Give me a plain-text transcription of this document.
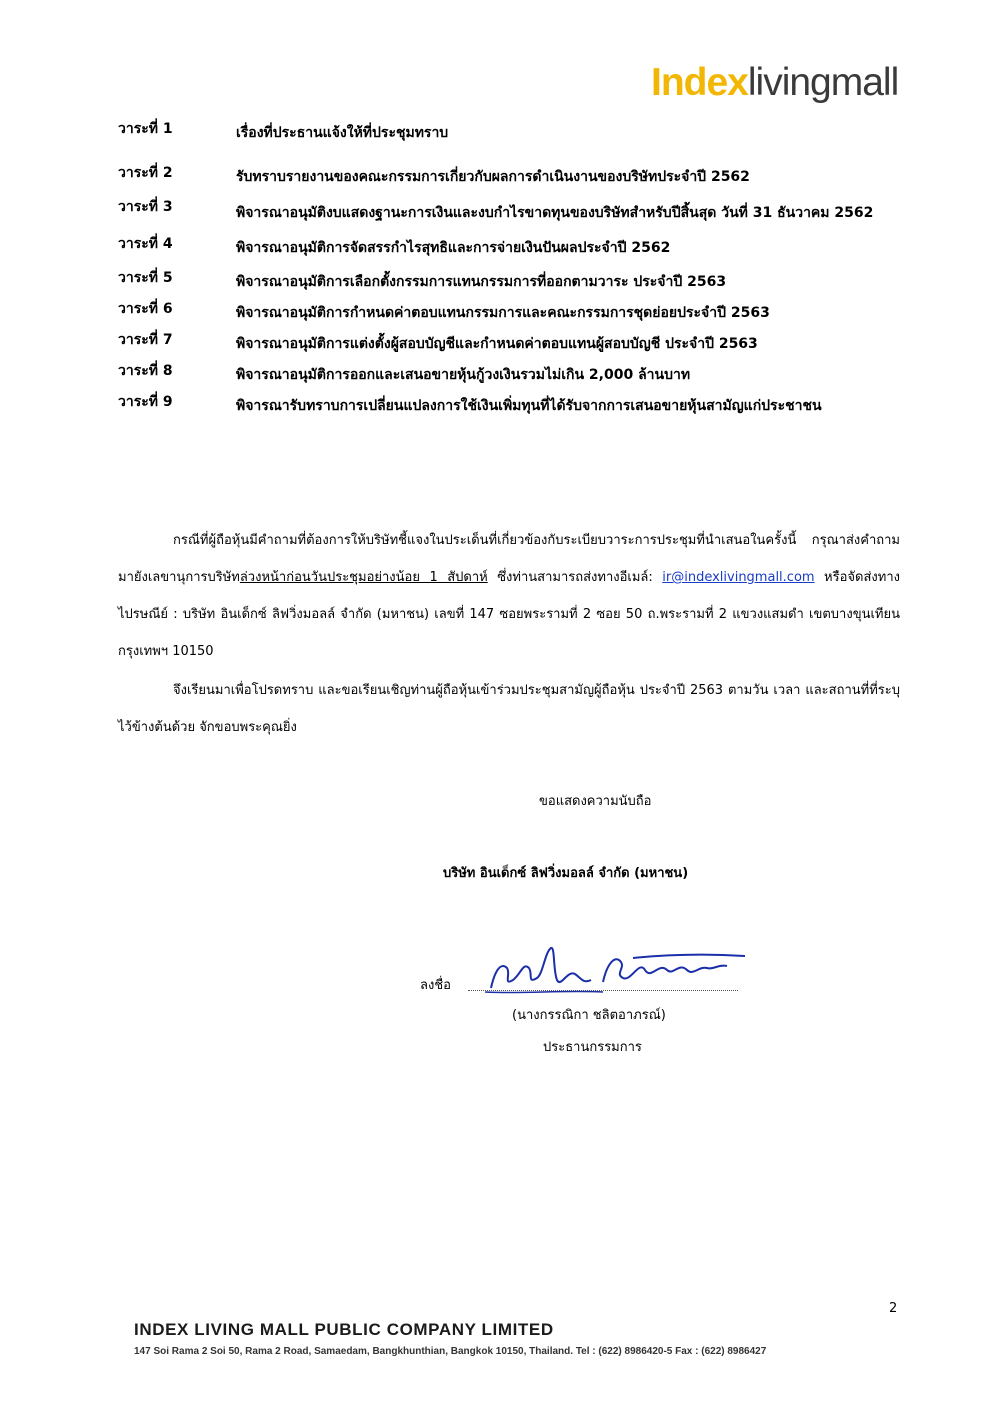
Indexlivingmall
วาระที่ 1	เรื่องที่ประธานแจ้งให้ที่ประชุมทราบ
วาระที่ 2	รับทราบรายงานของคณะกรรมการเกี่ยวกับผลการดำเนินงานของบริษัทประจำปี 2562
วาระที่ 3	พิจารณาอนุมัติงบแสดงฐานะการเงินและงบกำไรขาดทุนของบริษัทสำหรับปีสิ้นสุด วันที่ 31 ธันวาคม 2562
วาระที่ 4	พิจารณาอนุมัติการจัดสรรกำไรสุทธิและการจ่ายเงินปันผลประจำปี 2562
วาระที่ 5	พิจารณาอนุมัติการเลือกตั้งกรรมการแทนกรรมการที่ออกตามวาระ ประจำปี 2563
วาระที่ 6	พิจารณาอนุมัติการกำหนดค่าตอบแทนกรรมการและคณะกรรมการชุดย่อยประจำปี 2563
วาระที่ 7	พิจารณาอนุมัติการแต่งตั้งผู้สอบบัญชีและกำหนดค่าตอบแทนผู้สอบบัญชี ประจำปี 2563
วาระที่ 8	พิจารณาอนุมัติการออกและเสนอขายหุ้นกู้วงเงินรวมไม่เกิน 2,000 ล้านบาท
วาระที่ 9	พิจารณารับทราบการเปลี่ยนแปลงการใช้เงินเพิ่มทุนที่ได้รับจากการเสนอขายหุ้นสามัญแก่ประชาชน
กรณีที่ผู้ถือหุ้นมีคำถามที่ต้องการให้บริษัทชี้แจงในประเด็นที่เกี่ยวข้องกับระเบียบวาระการประชุมที่นำเสนอในครั้งนี้ กรุณาส่งคำถามมายังเลขานุการบริษัทล่วงหน้าก่อนวันประชุมอย่างน้อย 1 สัปดาห์ ซึ่งท่านสามารถส่งทางอีเมล์: ir@indexlivingmall.com หรือจัดส่งทางไปรษณีย์ : บริษัท อินเด็กซ์ ลิฟวิ่งมอลล์ จำกัด (มหาชน) เลขที่ 147 ซอยพระรามที่ 2 ซอย 50 ถ.พระรามที่ 2 แขวงแสมดำ เขตบางขุนเทียน กรุงเทพฯ 10150
จึงเรียนมาเพื่อโปรดทราบ และขอเรียนเชิญท่านผู้ถือหุ้นเข้าร่วมประชุมสามัญผู้ถือหุ้น ประจำปี 2563 ตามวัน เวลา และสถานที่ที่ระบุไว้ข้างต้นด้วย จักขอบพระคุณยิ่ง
ขอแสดงความนับถือ
บริษัท อินเด็กซ์ ลิฟวิ่งมอลล์ จำกัด (มหาชน)
ลงชื่อ
(นางกรรณิกา ชลิตอาภรณ์)
ประธานกรรมการ
2
INDEX LIVING MALL PUBLIC COMPANY LIMITED
147 Soi Rama 2 Soi 50, Rama 2 Road, Samaedam, Bangkhunthian, Bangkok 10150, Thailand. Tel : (622) 8986420-5 Fax : (622) 8986427
